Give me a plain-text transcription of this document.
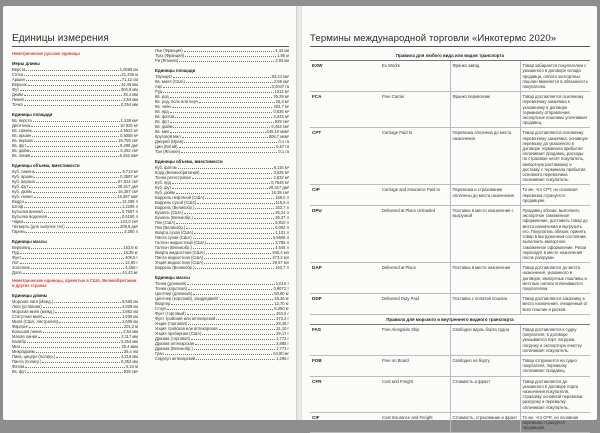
Единицы измерения
Неметрические русские единицы
Меры длины
Верста	1,0668 км
Сотка	21,336 м
Аршин	71,12 см
Вершок	44,45 мм
Фут	304,8 мм
Дюйм	25,4 мм
Линия	2,54 мм
Точка	0,254 мм
Единицы площади
Кв. верста	1,138 км²
Десятина	10 925 м²
Кв. сажень	4,5522 м²
Кв. аршин	0,5058 м²
Кв. вершок	19,758 см²
Кв. фут	9,290 дм²
Кв. дюйм	6,452 см²
Кв. линия	6,452 мм²
Единицы объема, вместимости
Куб. сажень	9,713 м³
Куб. аршин	0,3597 м³
Куб. вершок	87,824 см³
Куб. фут	28,317 дм³
Куб. дюйм	16,387 см³
Куб. линия	16,387 мм³
Ведро	12,299 л
Штоф	1,2299 л
Бутылка винная	0,7687 л
Бутылка водочная	0,6150 л
Чарка	123,0 см³
Четверть (для сыпучих тел)	209,9 дм³
Гарнец	3,280 л
Единицы массы
Берковец	163,8 кг
Пуд	16,38 кг
Фунт	409,5 г
Лот	12,80 г
Золотник	4,266 г
Доля	44,43 мг
Неметрические единицы, принятые в США, Великобритании и других странах
Единицы длины
Морская лига (межд.)	5,560 км
Лига (уставная)	4,828 км
Морская миля (межд.)	1,852 км
Статутная миля	1,609 км
Миля (США, Австралия)	1,609 км
Фарлонг	201,2 м
Большая линия	2,54 мм
Малая линия	2,117 мм
Калибр	0,254 мм
Мил	25,4 мкм
Микродюйм	25,4 нм
Пика, цицеро (полигр.)	4,218 мм
Пинта (полигр.)	0,352 мм
Фатом	6,24 м
Кв. фут	929 см²
Лье (Франция)	4,44 км
Туаз (Франция)	1,95 м
Ри (Япония)	3,93 км
Единицы площади
Таунщип	93,24 км²
Кв. миля (США)	2,59 км²
Акр	0,4047 га
Руд	1012 м²
Кв. род	25,29 м²
Кв. род, поль или перч	25,3 м²
Кв. чейн	404,7 м²
Кв. ярд	0,836 м²
Кв. фатом	3,343 м²
Кв. фут	929 см²
Кв. дюйм	6,452 см²
Кв. мил	645,16 мкм²
Круговой мил	506,7 мкм²
Джериб (Иран)	0,1 га
Цин (Китай)	6,67 га
Тан (Япония)	0,1 га
Единицы объема, вместимости
Куб. фатом	6,116 м³
Корд (Великобритания)	3,625 м³
Тонна регистровая	2,832 м³
Куб. ярд	0,7646 м³
Куб. фут	28,317 дм³
Куб. дюйм	16,39 см³
Баррель нефтяной (США)	159,0 л
Баррель сухой (США)	115,6 л
Баррель (Великобр.)	163,7 л
Бушель (США)	35,24 л
Бушель (Великобр.)	36,37 л
Пек (США)	8,810 л
Пек (Великобр.)	9,092 л
Кварта сухая (США)	1,101 л
Пинта сухая (США)	0,5506 л
Галлон жидкостный (США)	3,785 л
Галлон (Великобр.)	4,546 л
Кварта жидкостная (США)	946,4 мл
Пинта жидкостная (США)	473,2 мл
Унция жидкостная (США)	29,57 мл
Баррель (Великобр.)	163,7 л
Единицы массы
Тонна (длинная)	1,016 т
Тонна (короткая)	0,9072 т
Центнер (длинный)	50,80 кг
Центнер (короткий), хандредвейт	45,36 кг
Квартер	12,70 кг
Стоун	6,350 кг
Фунт (торговый)	453,6 г
Фунт тройский или аптекарский	373,2 г
Унция (торговая)	28,35 г
Унция тройская или аптекарская	31,10 г
Унция пробирная (США)	29,17 г
Драхма (торговая)	1,772 г
Драхма аптекарская	3,888 г
Драхма (Великобр.)	1,772 г
Гран	64,80 мг
Скрупул аптекарский	1,296 г
Термины международной торговли «Инкотермс 2020»
Правила для любого вида или видов транспорта			
EXW	Ex Works	Франко завод	Товар забирается покупателем с указанного в договоре склада продавца, оплата экспортных пошлин вменяется в обязанность покупателю.
FCA	Free Carrier	Франко перевозчик	Товар доставляется основному перевозчику заказчика к указанному в договоре терминалу отправления, экспортные пошлины уплачивает продавец.
CPT	Carriage Paid to	Перевозка оплачена до места назначения	Товар доставляется основному перевозчику заказчика, основную перевозку до указанного в договоре терминала прибытия оплачивает продавец, расходы по страховке несёт покупатель, импортную растаможку и доставку с терминала прибытия основного перевозчика оплачивает покупатель.
CIP	Carriage and Insurance Paid to	Перевозка и страхование оплачены до места назначения	То же, что CPT, но основная перевозка страхуется продавцом.
DPU	Delivered at Place Unloaded	Поставка в место назначения с выгрузкой	Продавец обязан: выполнить экспортное таможенное оформление, доставить товар до места назначения и выгрузить его. Покупатель обязан: принять товар в выгруженном состоянии, выполнить импортное таможенное оформление. Риски переходят в месте назначения после разгрузки.
DAP	Delivered at Place	Поставка в месте назначения	Товар доставляется до места назначения, указанного в договоре, импортные пошлины и местные налоги оплачиваются покупателем.
DDP	Delivered Duty Paid	Поставка с оплатой пошлин	Товар доставляется заказчику в место назначения, очищенный от всех пошлин и рисков.
Правила для морского и внутреннего водного транспорта			
FAS	Free Alongside Ship	Свободно вдоль борта судна	Товар доставляется к судну покупателя, в договоре указывается порт погрузки, погрузку и экспортную очистку оплачивает покупатель.
FOB	Free on Board	Свободно на борту	Товар отгружается на судно покупателя, перевалку оплачивает продавец.
CFR	Cost and Freight	Стоимость и фрахт	Товар доставляется до указанного в договоре порта назначения покупателя, страховку основной перевозки, разгрузку и перевалку оплачивает покупатель.
CIF	Cost Insurance and Freight	Стоимость, страхование и фрахт	То же, что CFR, но основная перевозка страхуется продавцом.
